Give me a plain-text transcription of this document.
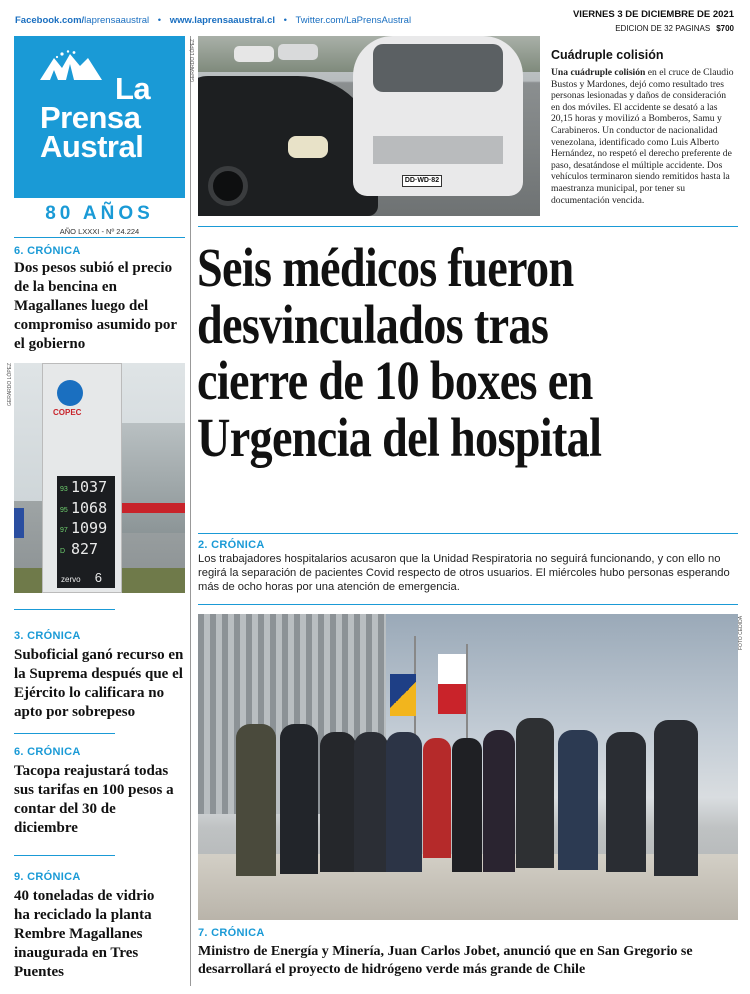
Facebook.com/laprensaaustral • www.laprensaaustral.cl • Twitter.com/LaPrensAustral
VIERNES 3 DE DICIEMBRE DE 2021
EDICION DE 32 PAGINAS $700
La
Prensa
Austral
80 AÑOS
AÑO LXXXI - Nº 24.224
6. CRÓNICA
Dos pesos subió el precio de la bencina en Magallanes luego del compromiso asumido por el gobierno
COPEC
93
95
97
D
1037
1068
1099
827
zervo 6
GERARDO LÓPEZ
3. CRÓNICA
Suboficial ganó recurso en la Suprema después que el Ejército lo calificara no apto por sobrepeso
6. CRÓNICA
Tacopa reajustará todas sus tarifas en 100 pesos a contar del 30 de diciembre
9. CRÓNICA
40 toneladas de vidrio ha reciclado la planta Rembre Magallanes inaugurada en Tres Puentes
DD·WD·82
GERARDO LÓPEZ	Cuádruple colisión
Una cuádruple colisión en el cruce de Claudio Bustos y Mardones, dejó como resultado tres personas lesionadas y daños de consideración en dos móviles. El accidente se desató a las 20,15 horas y movilizó a Bomberos, Samu y Carabineros. Un conductor de nacionalidad venezolana, identificado como Luis Alberto Hernández, no respetó el derecho preferente de paso, desatándose el múltiple accidente. Dos vehículos terminaron siendo remitidos hasta la maestranza municipal, por tener su documentación vencida.
Seis médicos fueron
desvinculados tras
cierre de 10 boxes en
Urgencia del hospital
2. CRÓNICA
Los trabajadores hospitalarios acusaron que la Unidad Respiratoria no seguirá funcionando, y con ello no regirá la separación de pacientes Covid respecto de otros usuarios. El miércoles hubo personas esperando más de ocho horas por una atención de emergencia.
FOTO CEDIDA
7. CRÓNICA
Ministro de Energía y Minería, Juan Carlos Jobet, anunció que en San Gregorio se desarrollará el proyecto de hidrógeno verde más grande de Chile
